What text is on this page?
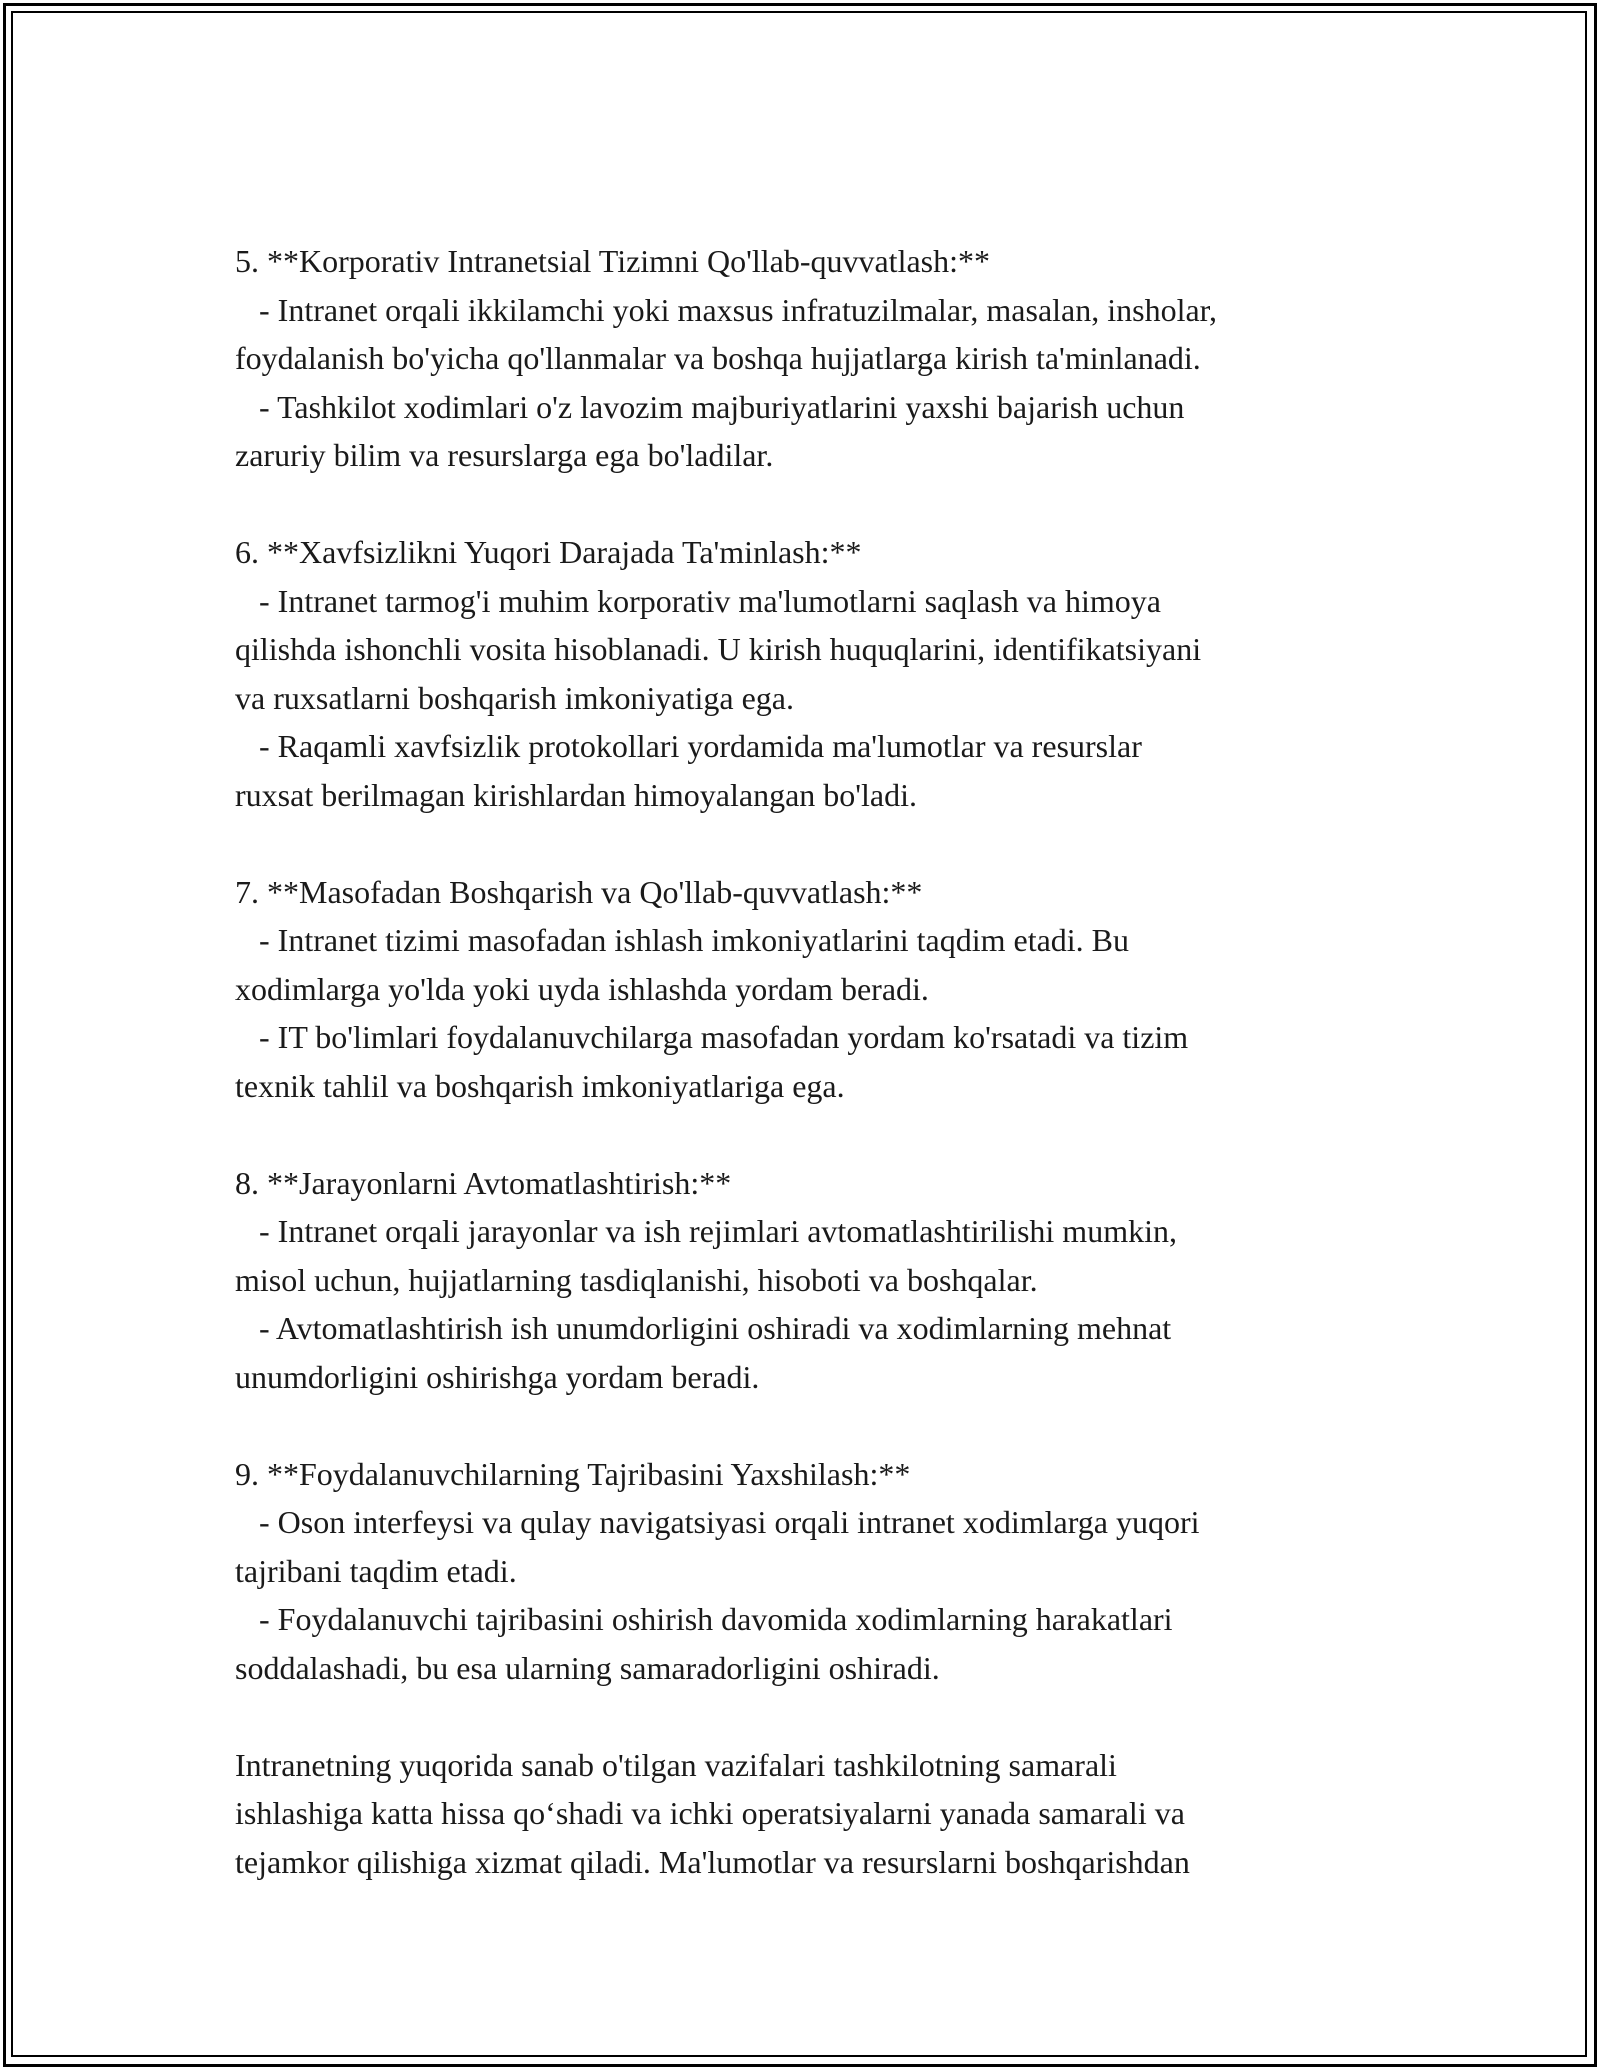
5. **Korporativ Intranetsial Tizimni Qo'llab-quvvatlash:**
- Intranet orqali ikkilamchi yoki maxsus infratuzilmalar, masalan, insholar,
foydalanish bo'yicha qo'llanmalar va boshqa hujjatlarga kirish ta'minlanadi.
- Tashkilot xodimlari o'z lavozim majburiyatlarini yaxshi bajarish uchun
zaruriy bilim va resurslarga ega bo'ladilar.
6. **Xavfsizlikni Yuqori Darajada Ta'minlash:**
- Intranet tarmog'i muhim korporativ ma'lumotlarni saqlash va himoya
qilishda ishonchli vosita hisoblanadi. U kirish huquqlarini, identifikatsiyani
va ruxsatlarni boshqarish imkoniyatiga ega.
- Raqamli xavfsizlik protokollari yordamida ma'lumotlar va resurslar
ruxsat berilmagan kirishlardan himoyalangan bo'ladi.
7. **Masofadan Boshqarish va Qo'llab-quvvatlash:**
- Intranet tizimi masofadan ishlash imkoniyatlarini taqdim etadi. Bu
xodimlarga yo'lda yoki uyda ishlashda yordam beradi.
- IT bo'limlari foydalanuvchilarga masofadan yordam ko'rsatadi va tizim
texnik tahlil va boshqarish imkoniyatlariga ega.
8. **Jarayonlarni Avtomatlashtirish:**
- Intranet orqali jarayonlar va ish rejimlari avtomatlashtirilishi mumkin,
misol uchun, hujjatlarning tasdiqlanishi, hisoboti va boshqalar.
- Avtomatlashtirish ish unumdorligini oshiradi va xodimlarning mehnat
unumdorligini oshirishga yordam beradi.
9. **Foydalanuvchilarning Tajribasini Yaxshilash:**
- Oson interfeysi va qulay navigatsiyasi orqali intranet xodimlarga yuqori
tajribani taqdim etadi.
- Foydalanuvchi tajribasini oshirish davomida xodimlarning harakatlari
soddalashadi, bu esa ularning samaradorligini oshiradi.
Intranetning yuqorida sanab o'tilgan vazifalari tashkilotning samarali
ishlashiga katta hissa qo‘shadi va ichki operatsiyalarni yanada samarali va
tejamkor qilishiga xizmat qiladi. Ma'lumotlar va resurslarni boshqarishdan
